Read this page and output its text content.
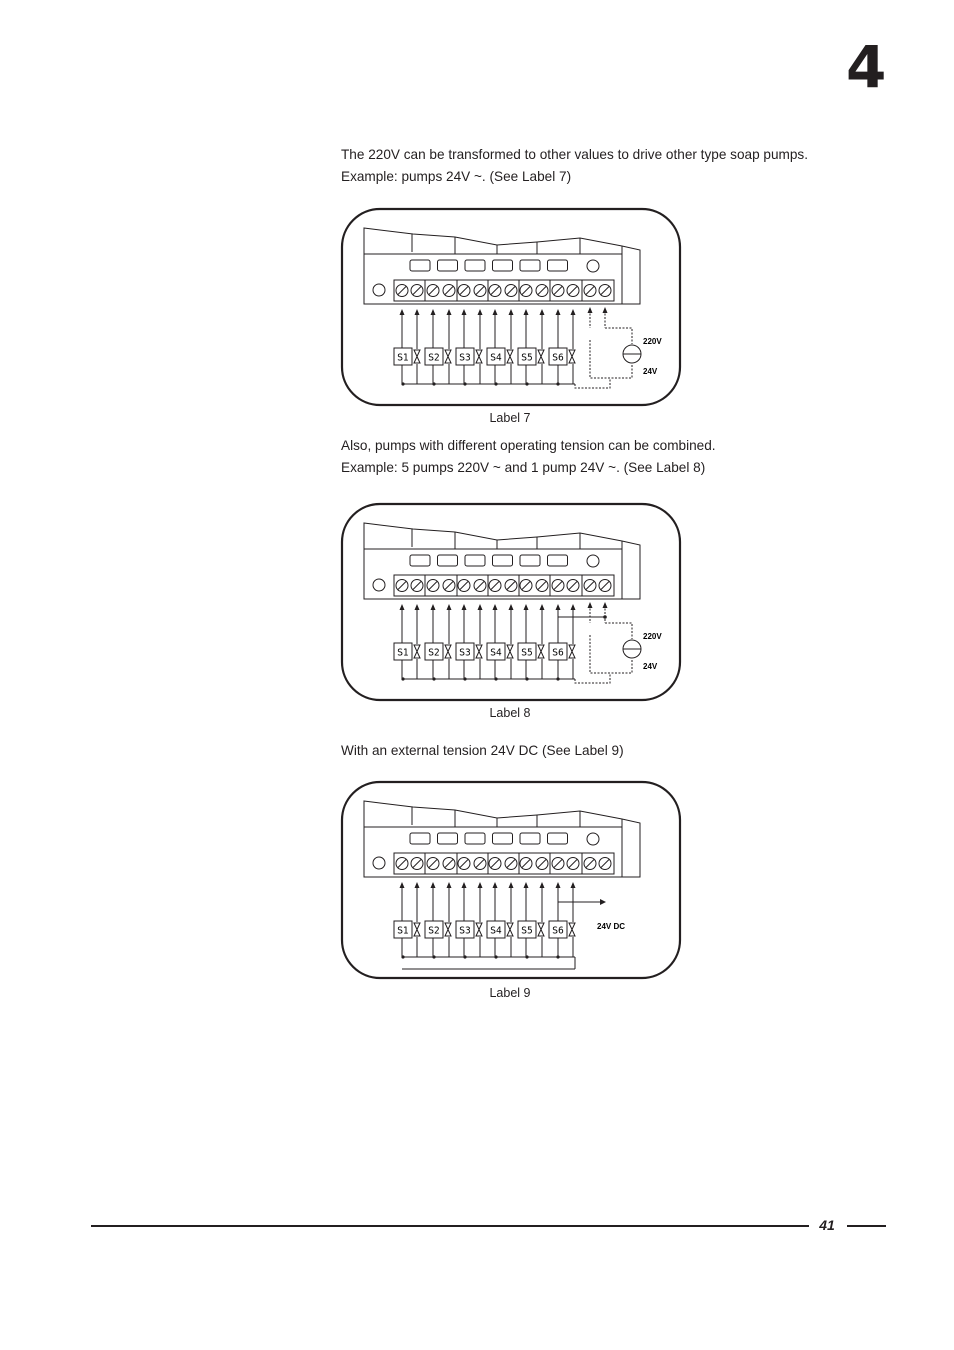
4
The 220V can be transformed to other values to drive other type soap pumps.
Example: pumps 24V ~. (See Label 7)
S1 S2 S3 S4 S5 S6
220V
24V
Label 7
Also, pumps with different operating tension can be combined.
Example: 5 pumps 220V ~ and 1 pump 24V ~. (See Label 8)
S1 S2 S3 S4 S5 S6
220V
24V
Label 8
With an external tension 24V DC (See Label 9)
S1 S2 S3 S4 S5 S6	24V DC
Label 9
41
